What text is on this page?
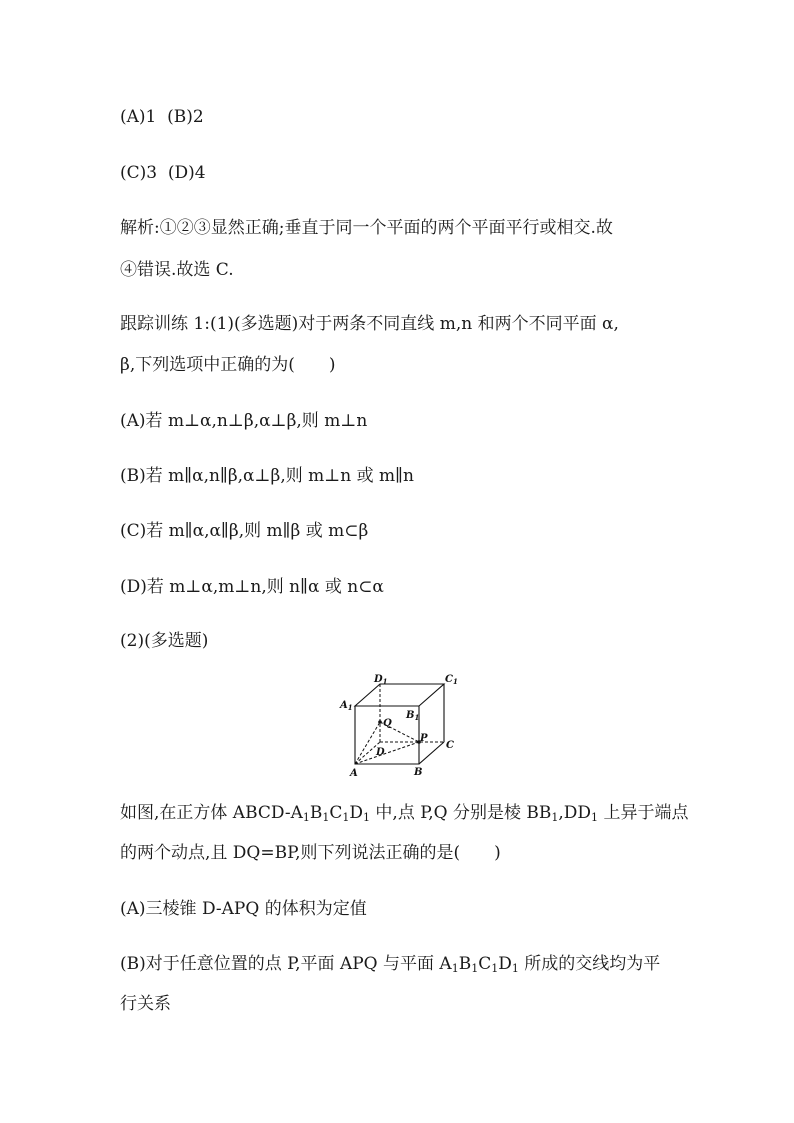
(A)1 (B)2
(C)3 (D)4
解析:①②③显然正确;垂直于同一个平面的两个平面平行或相交.故
④错误.故选 C.
跟踪训练 1:(1)(多选题)对于两条不同直线 m,n 和两个不同平面 α,
β,下列选项中正确的为(　　)
(A)若 m⊥α,n⊥β,α⊥β,则 m⊥n
(B)若 m∥α,n∥β,α⊥β,则 m⊥n 或 m∥n
(C)若 m∥α,α∥β,则 m∥β 或 m⊂β
(D)若 m⊥α,m⊥n,则 n∥α 或 n⊂α
(2)(多选题)
$D_1$	$C_1$
$A_1$
$B_1$
Q
P
D
C
A	B
如图,在正方体 ABCD-$A_1B_1C_1D_1$ 中,点 P,Q 分别是棱 $BB_1,DD_1$ 上异于端点
的两个动点,且 DQ=BP,则下列说法正确的是(　　)
(A)三棱锥 D-APQ 的体积为定值
(B)对于任意位置的点 P,平面 APQ 与平面 $A_1B_1C_1D_1$ 所成的交线均为平
行关系
